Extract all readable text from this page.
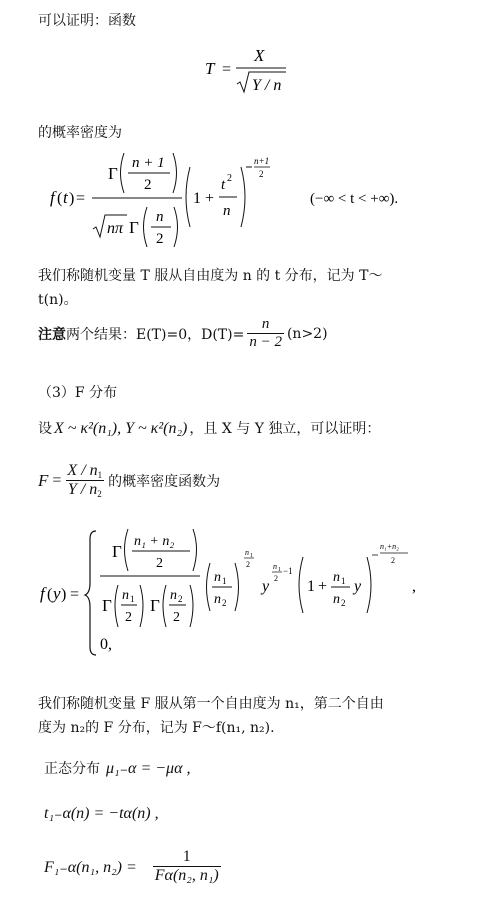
可以证明：函数
T =
X
Y / n
的概率密度为
f ( t ) =
Γ
n + 1
2
nπ Γ
n
2
1 +
t 2
n
n+1
2
(−∞ < t < +∞).
我们称随机变量 T 服从自由度为 n 的 t 分布，记为 T～
t(n)。
注意 两个结果：E(T)=0，$D(T)= \frac{n}{n - 2} (n>2)$
（3）F 分布
设 X ~ κ²(n₁), Y ~ κ²(n₂) ，且 X 与 Y 独立，可以证明：
$F = \frac{X / n_1}{Y / n_2}$ 的概率密度函数为
f ( y ) =
Γ
n₁ + n₂
2
Γ
n 1
2
Γ
n 2
2
n 1
n 2
n 1
2
y
n 1
2
−1
1 +
n 1
n 2
y
n₁+n₂
2
,
0,
我们称随机变量 F 服从第一个自由度为 n₁，第二个自由
度为 n₂的 F 分布，记为 F～f(n₁, n₂).
正态分布 μ₁₋α = −μα ,
t₁₋α(n) = −tα(n) ,
F₁₋α(n₁, $n_2) = \frac{1}{\text{Fα(n₂, n₁)}}$
